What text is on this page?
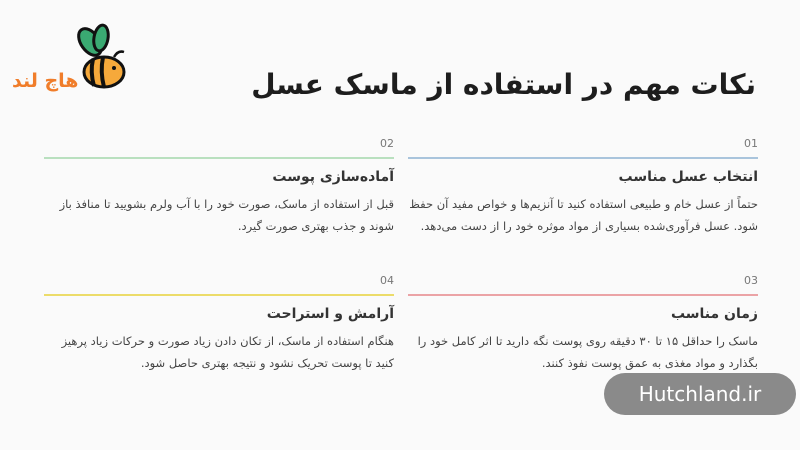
هاچ لند	نکات مهم در استفاده از ماسک عسل
01
انتخاب عسل مناسب
حتماً از عسل خام و طبیعی استفاده کنید تا آنزیم‌ها و خواص مفید آن حفظ شود. عسل فرآوری‌شده بسیاری از مواد موثره خود را از دست می‌دهد.
02
آماده‌سازی پوست
قبل از استفاده از ماسک، صورت خود را با آب ولرم بشویید تا منافذ باز شوند و جذب بهتری صورت گیرد.
03
زمان مناسب
ماسک را حداقل ۱۵ تا ۳۰ دقیقه روی پوست نگه دارید تا اثر کامل خود را بگذارد و مواد مغذی به عمق پوست نفوذ کنند.
04
آرامش و استراحت
هنگام استفاده از ماسک، از تکان دادن زیاد صورت و حرکات زیاد پرهیز کنید تا پوست تحریک نشود و نتیجه بهتری حاصل شود.
Hutchland.ir
